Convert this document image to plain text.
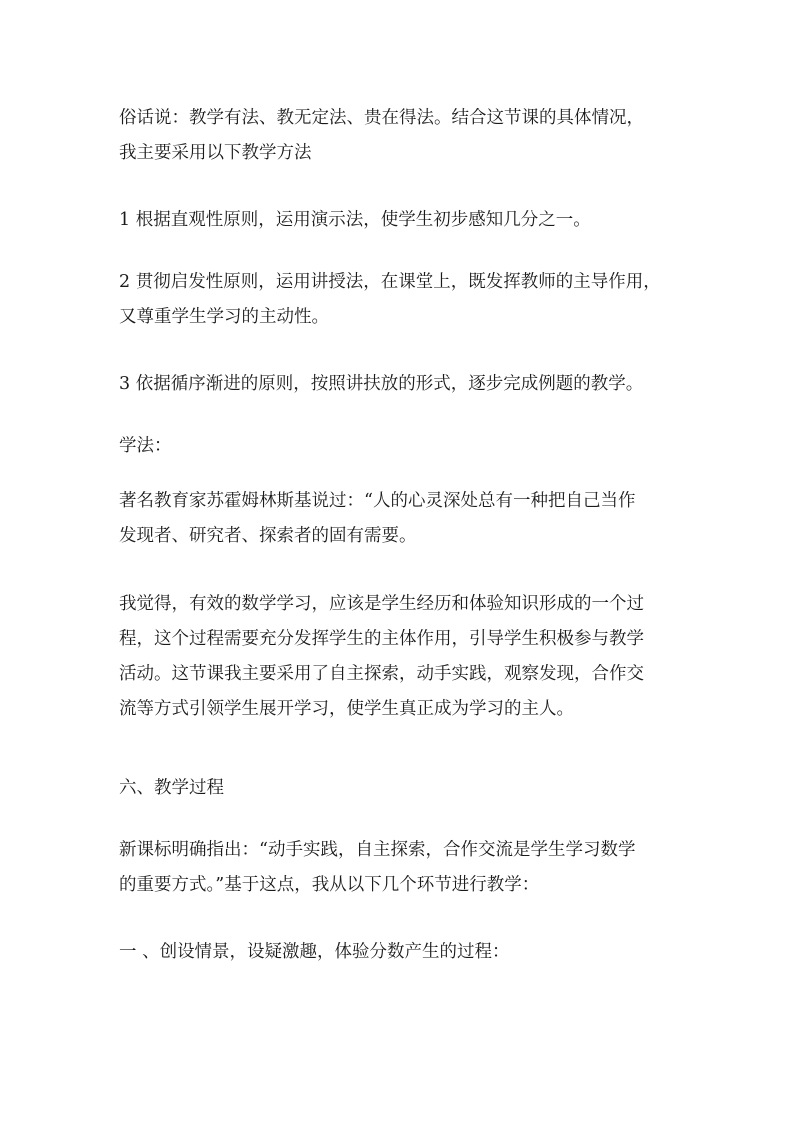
俗话说：教学有法、教无定法、贵在得法。结合这节课的具体情况，
我主要采用以下教学方法
1 根据直观性原则，运用演示法，使学生初步感知几分之一。
2 贯彻启发性原则，运用讲授法，在课堂上，既发挥教师的主导作用，
又尊重学生学习的主动性。
3 依据循序渐进的原则，按照讲扶放的形式，逐步完成例题的教学。
学法：
著名教育家苏霍姆林斯基说过：“人的心灵深处总有一种把自己当作
发现者、研究者、探索者的固有需要。
我觉得，有效的数学学习，应该是学生经历和体验知识形成的一个过
程，这个过程需要充分发挥学生的主体作用，引导学生积极参与教学
活动。这节课我主要采用了自主探索，动手实践，观察发现，合作交
流等方式引领学生展开学习，使学生真正成为学习的主人。
六、教学过程
新课标明确指出：“动手实践，自主探索，合作交流是学生学习数学
的重要方式。”基于这点，我从以下几个环节进行教学：
一 、创设情景，设疑激趣，体验分数产生的过程：
